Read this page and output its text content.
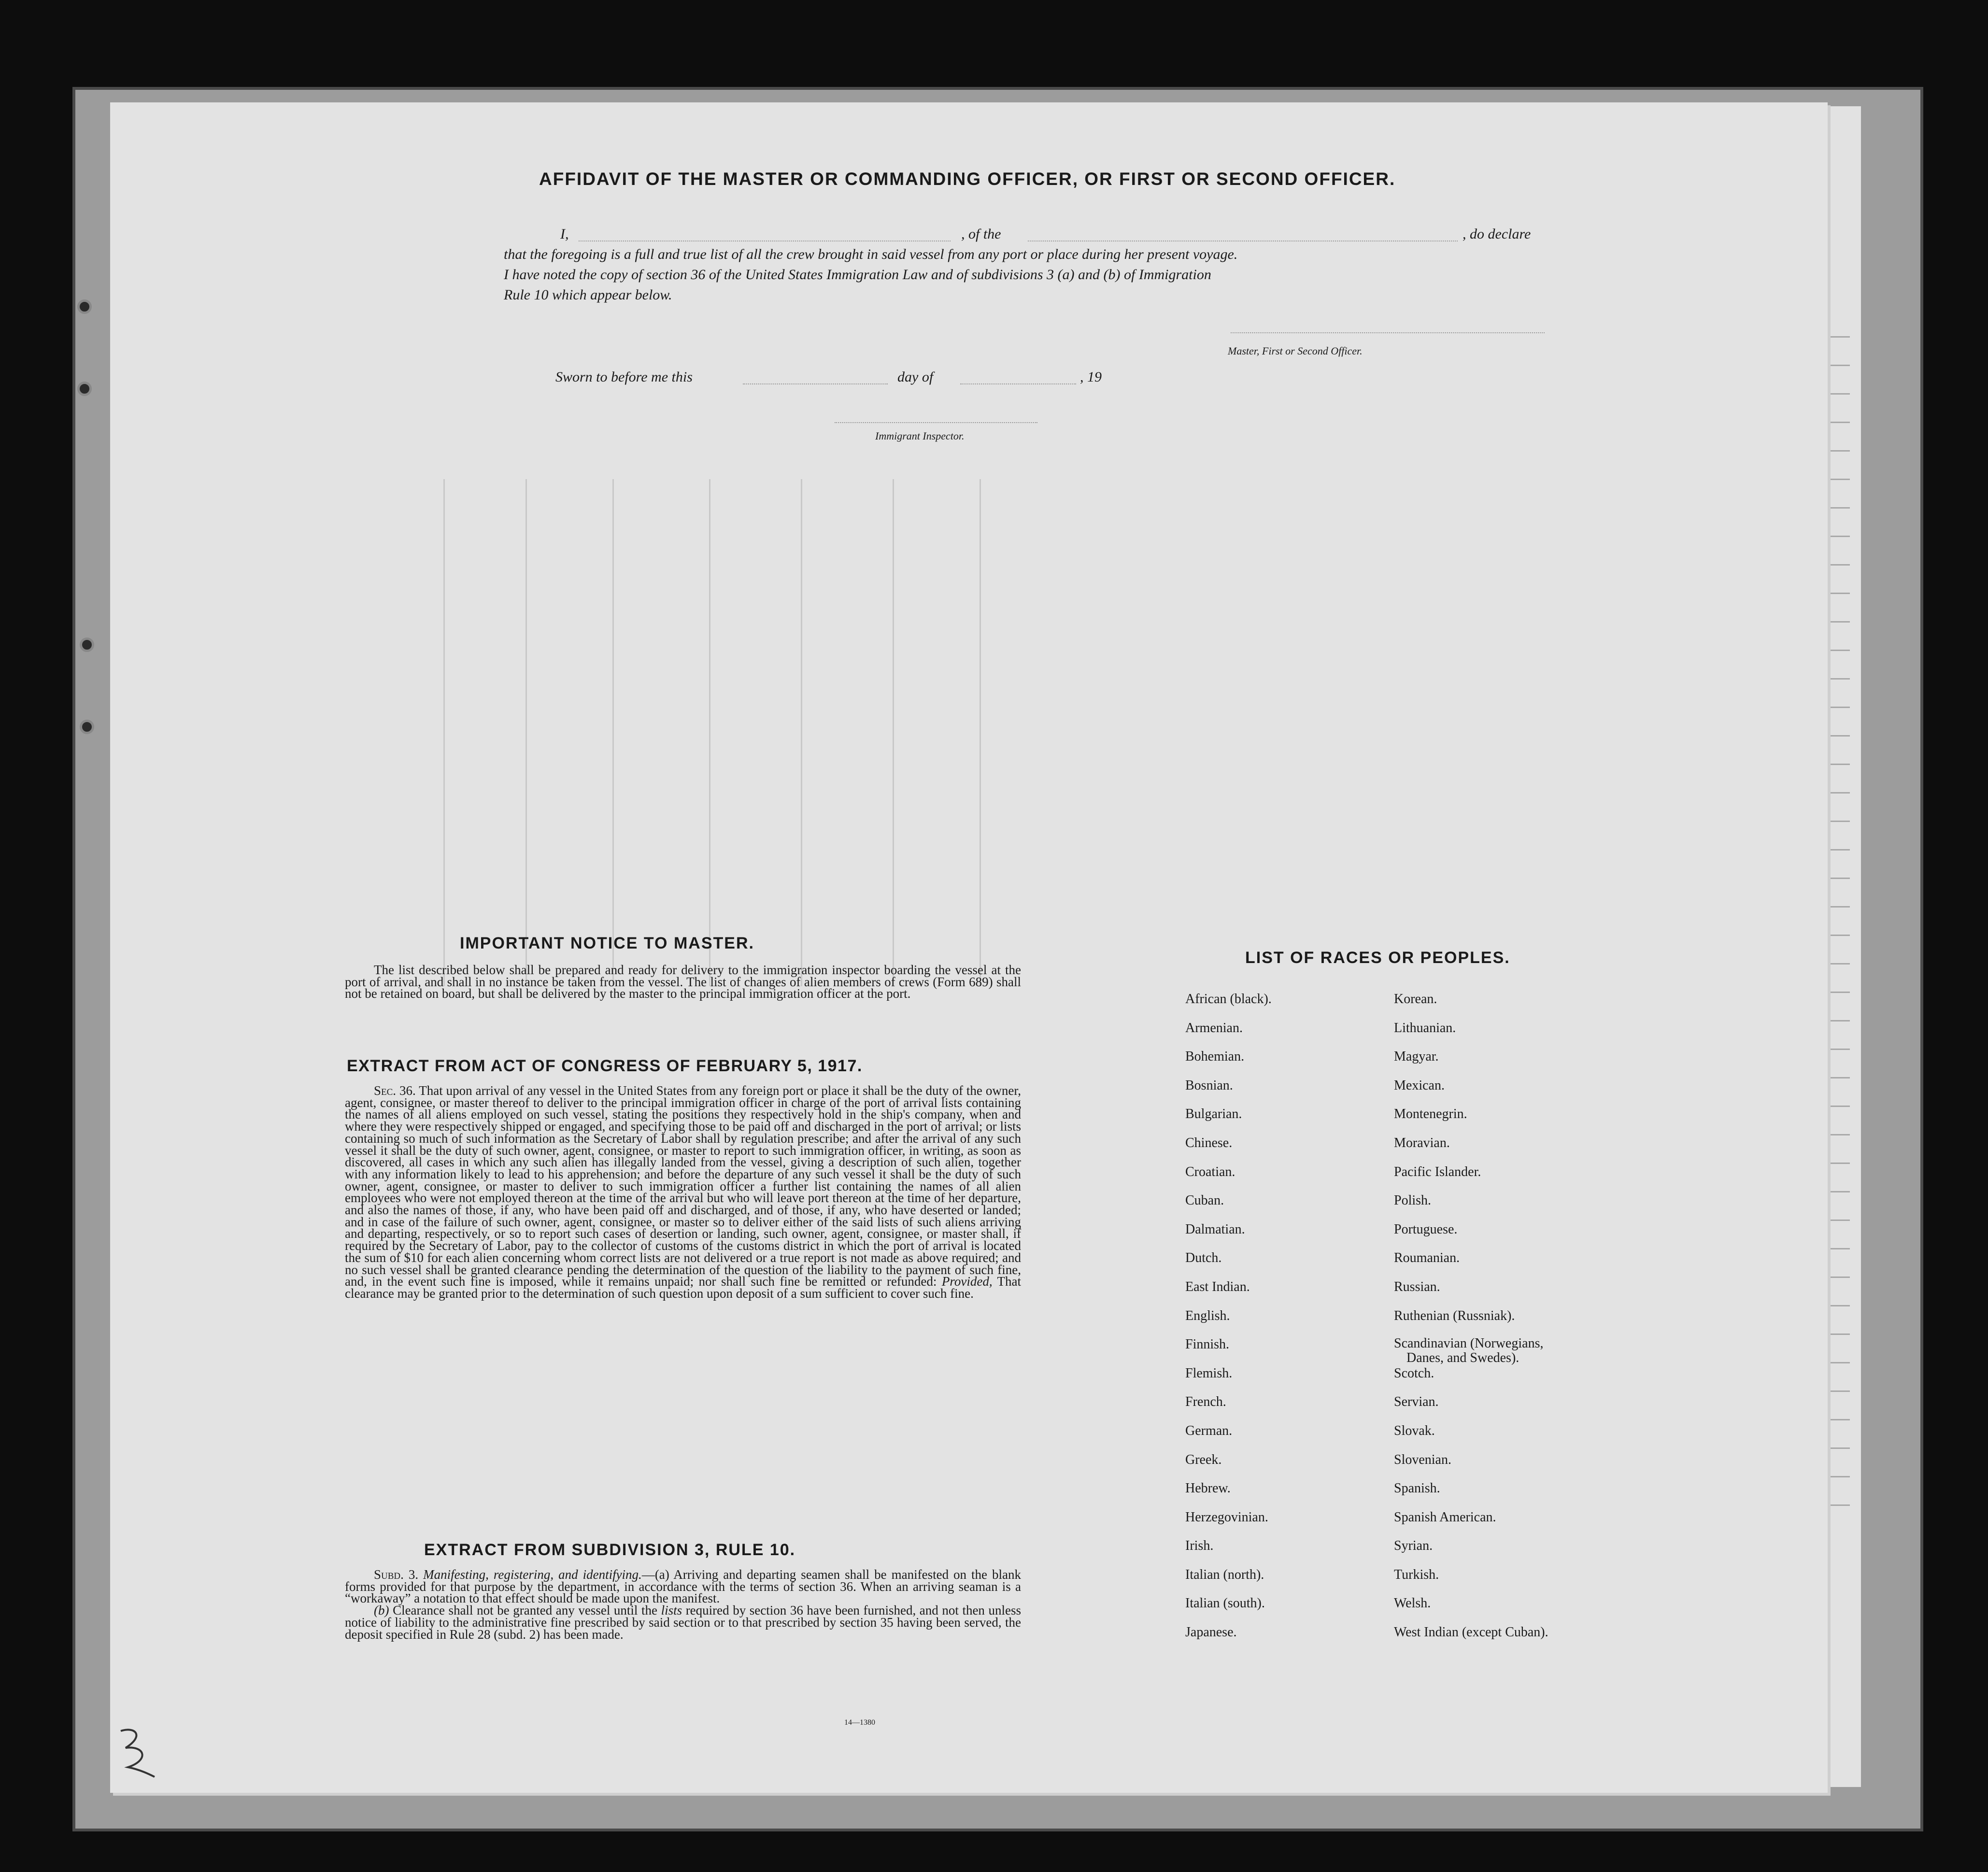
AFFIDAVIT OF THE MASTER OR COMMANDING OFFICER, OR FIRST OR SECOND OFFICER.
I,	, of the	, do declare
that the foregoing is a full and true list of all the crew brought in said vessel from any port or place during her present voyage.
I have noted the copy of section 36 of the United States Immigration Law and of subdivisions 3 (a) and (b) of Immigration
Rule 10 which appear below.
Master, First or Second Officer.
Sworn to before me this	day of	, 19
Immigrant Inspector.
IMPORTANT NOTICE TO MASTER.

The list described below shall be prepared and ready for delivery to the immigration inspector boarding the vessel at the port of arrival, and shall in no instance be taken from the vessel. The list of changes of alien members of crews (Form 689) shall not be retained on board, but shall be delivered by the master to the principal immigration officer at the port.

EXTRACT FROM ACT OF CONGRESS OF FEBRUARY 5, 1917.

Sec. 36. That upon arrival of any vessel in the United States from any foreign port or place it shall be the duty of the owner, agent, consignee, or master thereof to deliver to the principal immigration officer in charge of the port of arrival lists containing the names of all aliens employed on such vessel, stating the positions they respectively hold in the ship's company, when and where they were respectively shipped or engaged, and specifying those to be paid off and discharged in the port of arrival; or lists containing so much of such information as the Secretary of Labor shall by regulation prescribe; and after the arrival of any such vessel it shall be the duty of such owner, agent, consignee, or master to report to such immigration officer, in writing, as soon as discovered, all cases in which any such alien has illegally landed from the vessel, giving a description of such alien, together with any information likely to lead to his apprehension; and before the departure of any such vessel it shall be the duty of such owner, agent, consignee, or master to deliver to such immigration officer a further list containing the names of all alien employees who were not employed thereon at the time of the arrival but who will leave port thereon at the time of her departure, and also the names of those, if any, who have been paid off and discharged, and of those, if any, who have deserted or landed; and in case of the failure of such owner, agent, consignee, or master so to deliver either of the said lists of such aliens arriving and departing, respectively, or so to report such cases of desertion or landing, such owner, agent, consignee, or master shall, if required by the Secretary of Labor, pay to the collector of customs of the customs district in which the port of arrival is located the sum of $10 for each alien concerning whom correct lists are not delivered or a true report is not made as above required; and no such vessel shall be granted clearance pending the determination of the question of the liability to the payment of such fine, and, in the event such fine is imposed, while it remains unpaid; nor shall such fine be remitted or refunded: Provided, That clearance may be granted prior to the determination of such question upon deposit of a sum sufficient to cover such fine.

EXTRACT FROM SUBDIVISION 3, RULE 10.

Subd. 3. Manifesting, registering, and identifying.—(a) Arriving and departing seamen shall be manifested on the blank forms provided for that purpose by the department, in accordance with the terms of section 36. When an arriving seaman is a “workaway” a notation to that effect should be made upon the manifest.

(b) Clearance shall not be granted any vessel until the lists required by section 36 have been furnished, and not then unless notice of liability to the administrative fine prescribed by said section or to that prescribed by section 35 having been served, the deposit specified in Rule 28 (subd. 2) has been made.

14—1380
LIST OF RACES OR PEOPLES.
African (black).
Armenian.
Bohemian.
Bosnian.
Bulgarian.
Chinese.
Croatian.
Cuban.
Dalmatian.
Dutch.
East Indian.
English.
Finnish.
Flemish.
French.
German.
Greek.
Hebrew.
Herzegovinian.
Irish.
Italian (north).
Italian (south).
Japanese.
Korean.
Lithuanian.
Magyar.
Mexican.
Montenegrin.
Moravian.
Pacific Islander.
Polish.
Portuguese.
Roumanian.
Russian.
Ruthenian (Russniak).
Scandinavian (Norwegians,
Danes, and Swedes).
Scotch.
Servian.
Slovak.
Slovenian.
Spanish.
Spanish American.
Syrian.
Turkish.
Welsh.
West Indian (except Cuban).
